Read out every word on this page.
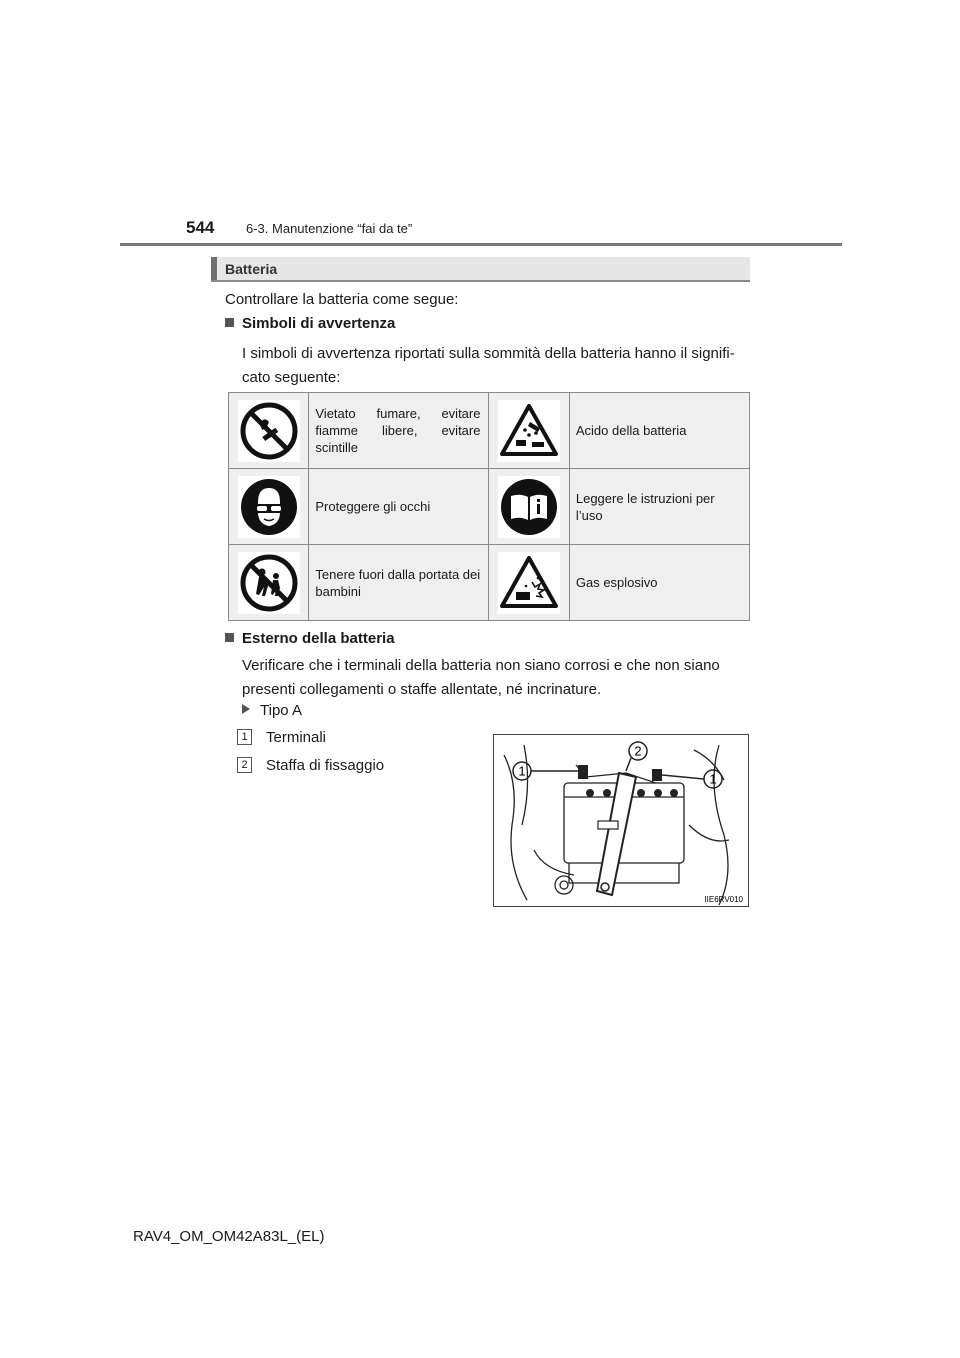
544 6-3. Manutenzione “fai da te”
Batteria
Controllare la batteria come segue:
Simboli di avvertenza
I simboli di avvertenza riportati sulla sommità della batteria hanno il signifi-
cato seguente:
	Vietato fumare, evitare fiamme libere, evitare scintille		Acido della batteria

	Proteggere gli occhi		Leggere le istruzioni per l’uso

	Tenere fuori dalla portata dei bambini		Gas esplosivo
Esterno della batteria
Verificare che i terminali della batteria non siano corrosi e che non siano
presenti collegamenti o staffe allentate, né incrinature.
Tipo A
1 Terminali
2 Staffa di fissaggio
2
1
1
IIE6RV010
RAV4_OM_OM42A83L_(EL)
